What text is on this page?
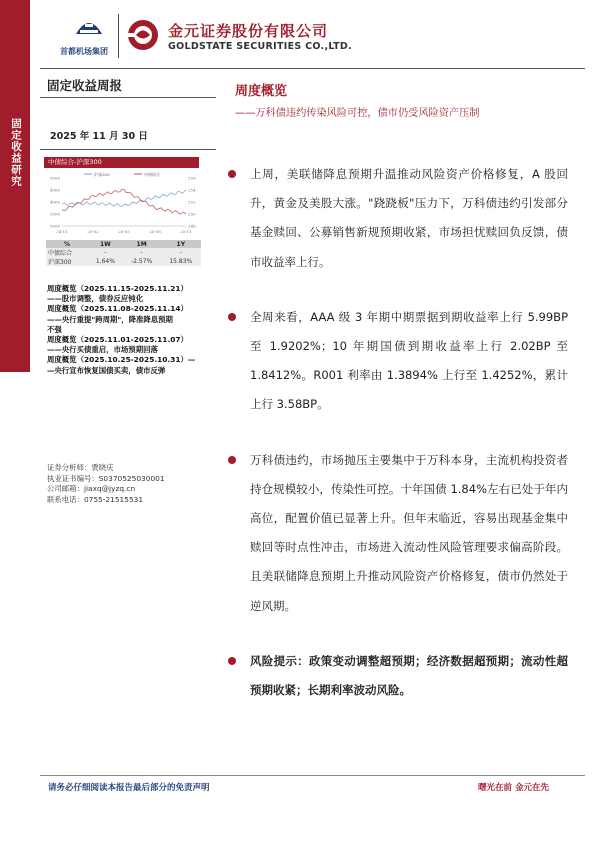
固定收益研究
首都机场集团
金元证券股份有限公司
GOLDSTATE SECURITIES CO.,LTD.
固定收益周报
2025 年 11 月 30 日
中债综合-沪深300
沪深300	中债综合
5000
4500
4000
3500
3000
256
254
252
250
248
24-11	25-02	25-05	25-08	25-11
%	1W	1M	1Y
中债综合	-	-	-
沪深300	1.64%	-2.57%	15.83%
周度概览（2025.11.15-2025.11.21）
——股市调整，债券反应钝化
周度概览（2025.11.08-2025.11.14）
——央行重提"跨周期"，降准降息预期
不强
周度概览（2025.11.01-2025.11.07）
——央行买债重启，市场预期回落
周度概览（2025.10.25-2025.10.31）—
—央行宣布恢复国债买卖，债市反弹
证券分析师：贾晓庆
执业证书编号：S0370525030001
公司邮箱：jiaxq@jyzq.cn
联系电话：0755-21515531
周度概览
——万科债违约传染风险可控，债市仍受风险资产压制
上周，美联储降息预期升温推动风险资产价格修复，A 股回升，黄金及美股大涨。"跷跷板"压力下，万科债违约引发部分基金赎回、公募销售新规预期收紧，市场担忧赎回负反馈，债市收益率上行。
全周来看，AAA 级 3 年期中期票据到期收益率上行 5.99BP 至 1.9202%；10 年期国债到期收益率上行 2.02BP 至 1.8412%。R001 利率由 1.3894% 上行至 1.4252%，累计上行 3.58BP。
万科债违约，市场抛压主要集中于万科本身，主流机构投资者持仓规模较小，传染性可控。十年国债 1.84%左右已处于年内高位，配置价值已显著上升。但年末临近，容易出现基金集中赎回等时点性冲击，市场进入流动性风险管理要求偏高阶段。且美联储降息预期上升推动风险资产价格修复，债市仍然处于逆风期。
风险提示：政策变动调整超预期；经济数据超预期；流动性超预期收紧；长期利率波动风险。
请务必仔细阅读本报告最后部分的免责声明	曙光在前 金元在先
